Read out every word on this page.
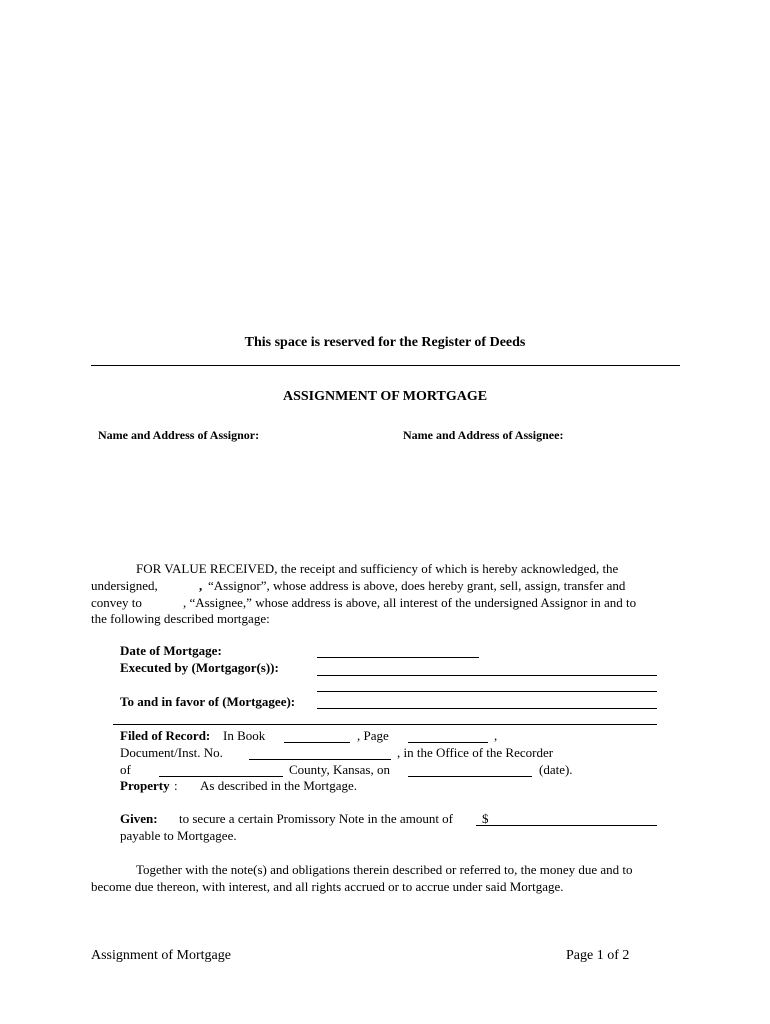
This space is reserved for the Register of Deeds
ASSIGNMENT OF MORTGAGE
Name and Address of Assignor:	Name and Address of Assignee:
FOR VALUE RECEIVED, the receipt and sufficiency of which is hereby acknowledged, the
undersigned,	, “Assignor”, whose address is above, does hereby grant, sell, assign, transfer and
convey to	, “Assignee,” whose address is above, all interest of the undersigned Assignor in and to
the following described mortgage:
Date of Mortgage:
Executed by (Mortgagor(s)):
To and in favor of (Mortgagee):
Filed of Record: In Book	, Page	,
Document/Inst. No.	, in the Office of the Recorder
of	County, Kansas, on	(date).
Property : As described in the Mortgage.
Given: to secure a certain Promissory Note in the amount of $
payable to Mortgagee.
Together with the note(s) and obligations therein described or referred to, the money due and to
become due thereon, with interest, and all rights accrued or to accrue under said Mortgage.
Assignment of Mortgage	Page 1 of 2
